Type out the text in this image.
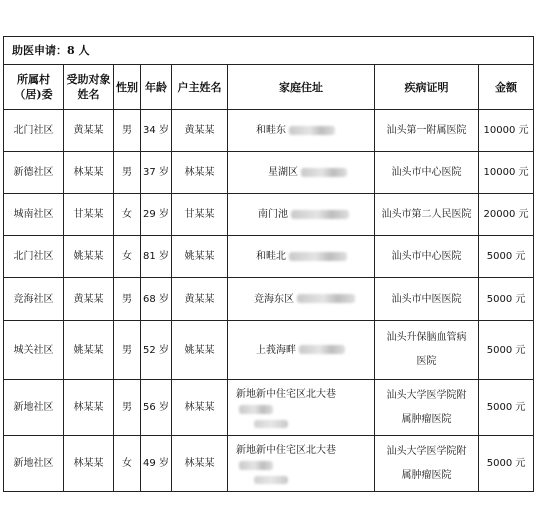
助医申请：8 人							
所属村（居)委	受助对象姓名	性别	年龄	户主姓名	家庭住址	疾病证明	金额
北门社区	黄某某	男	34 岁	黄某某	和畦东	汕头第一附属医院	10000 元
新德社区	林某某	男	37 岁	林某某	星湖区	汕头市中心医院	10000 元
城南社区	甘某某	女	29 岁	甘某某	南门池	汕头市第二人民医院	20000 元
北门社区	姚某某	女	81 岁	姚某某	和畦北	汕头市中心医院	5000 元
竞海社区	黄某某	男	68 岁	黄某某	竞海东区	汕头市中医医院	5000 元
城关社区	姚某某	男	52 岁	姚某某	上莪海畔	汕头升保脑血管病医院	5000 元
新地社区	林某某	男	56 岁	林某某	新地新中住宅区北大巷	汕头大学医学院附属肿瘤医院	5000 元
新地社区	林某某	女	49 岁	林某某	新地新中住宅区北大巷	汕头大学医学院附属肿瘤医院	5000 元
